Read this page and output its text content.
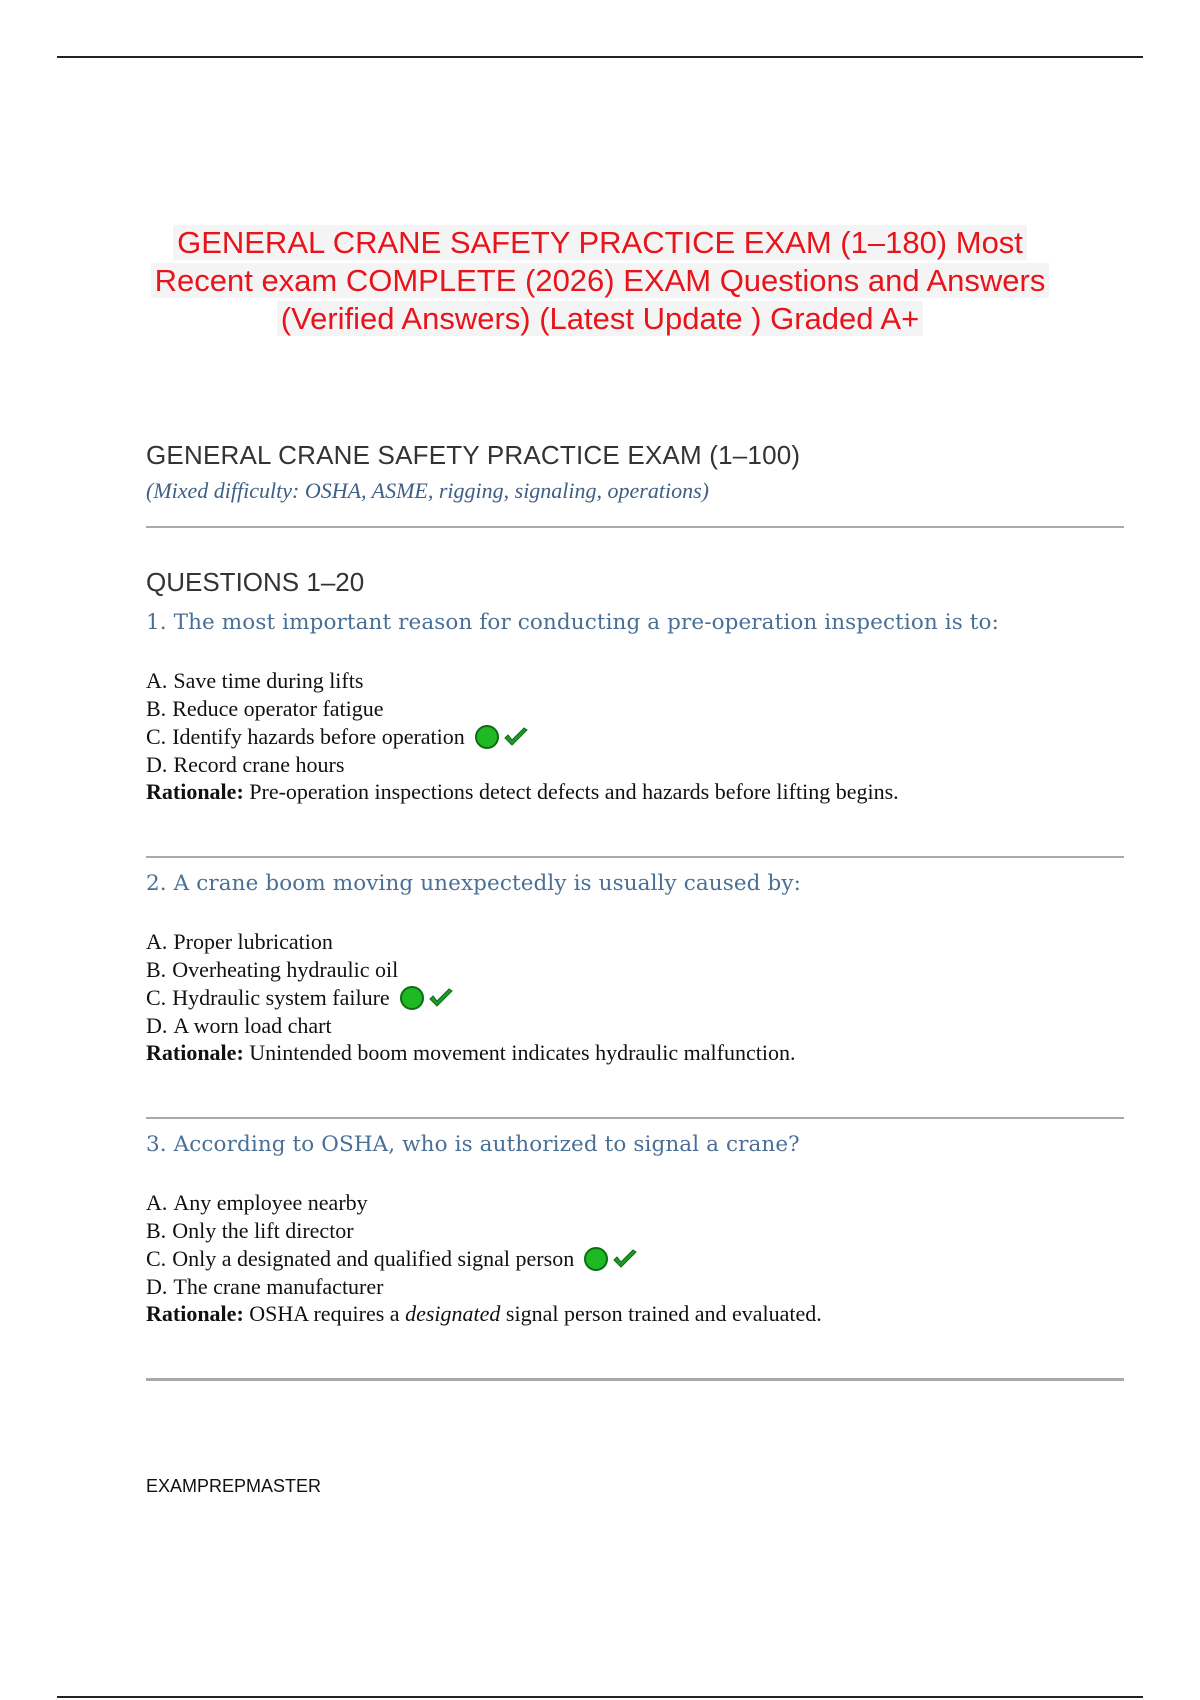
GENERAL CRANE SAFETY PRACTICE EXAM (1–180) Most
Recent exam COMPLETE (2026) EXAM Questions and Answers
(Verified Answers) (Latest Update ) Graded A+
GENERAL CRANE SAFETY PRACTICE EXAM (1–100)
(Mixed difficulty: OSHA, ASME, rigging, signaling, operations)
QUESTIONS 1–20
1. The most important reason for conducting a pre-operation inspection is to:
A. Save time during lifts
B. Reduce operator fatigue
C. Identify hazards before operation
D. Record crane hours
Rationale: Pre-operation inspections detect defects and hazards before lifting begins.
2. A crane boom moving unexpectedly is usually caused by:
A. Proper lubrication
B. Overheating hydraulic oil
C. Hydraulic system failure
D. A worn load chart
Rationale: Unintended boom movement indicates hydraulic malfunction.
3. According to OSHA, who is authorized to signal a crane?
A. Any employee nearby
B. Only the lift director
C. Only a designated and qualified signal person
D. The crane manufacturer
Rationale: OSHA requires a designated signal person trained and evaluated.
EXAMPREPMASTER
